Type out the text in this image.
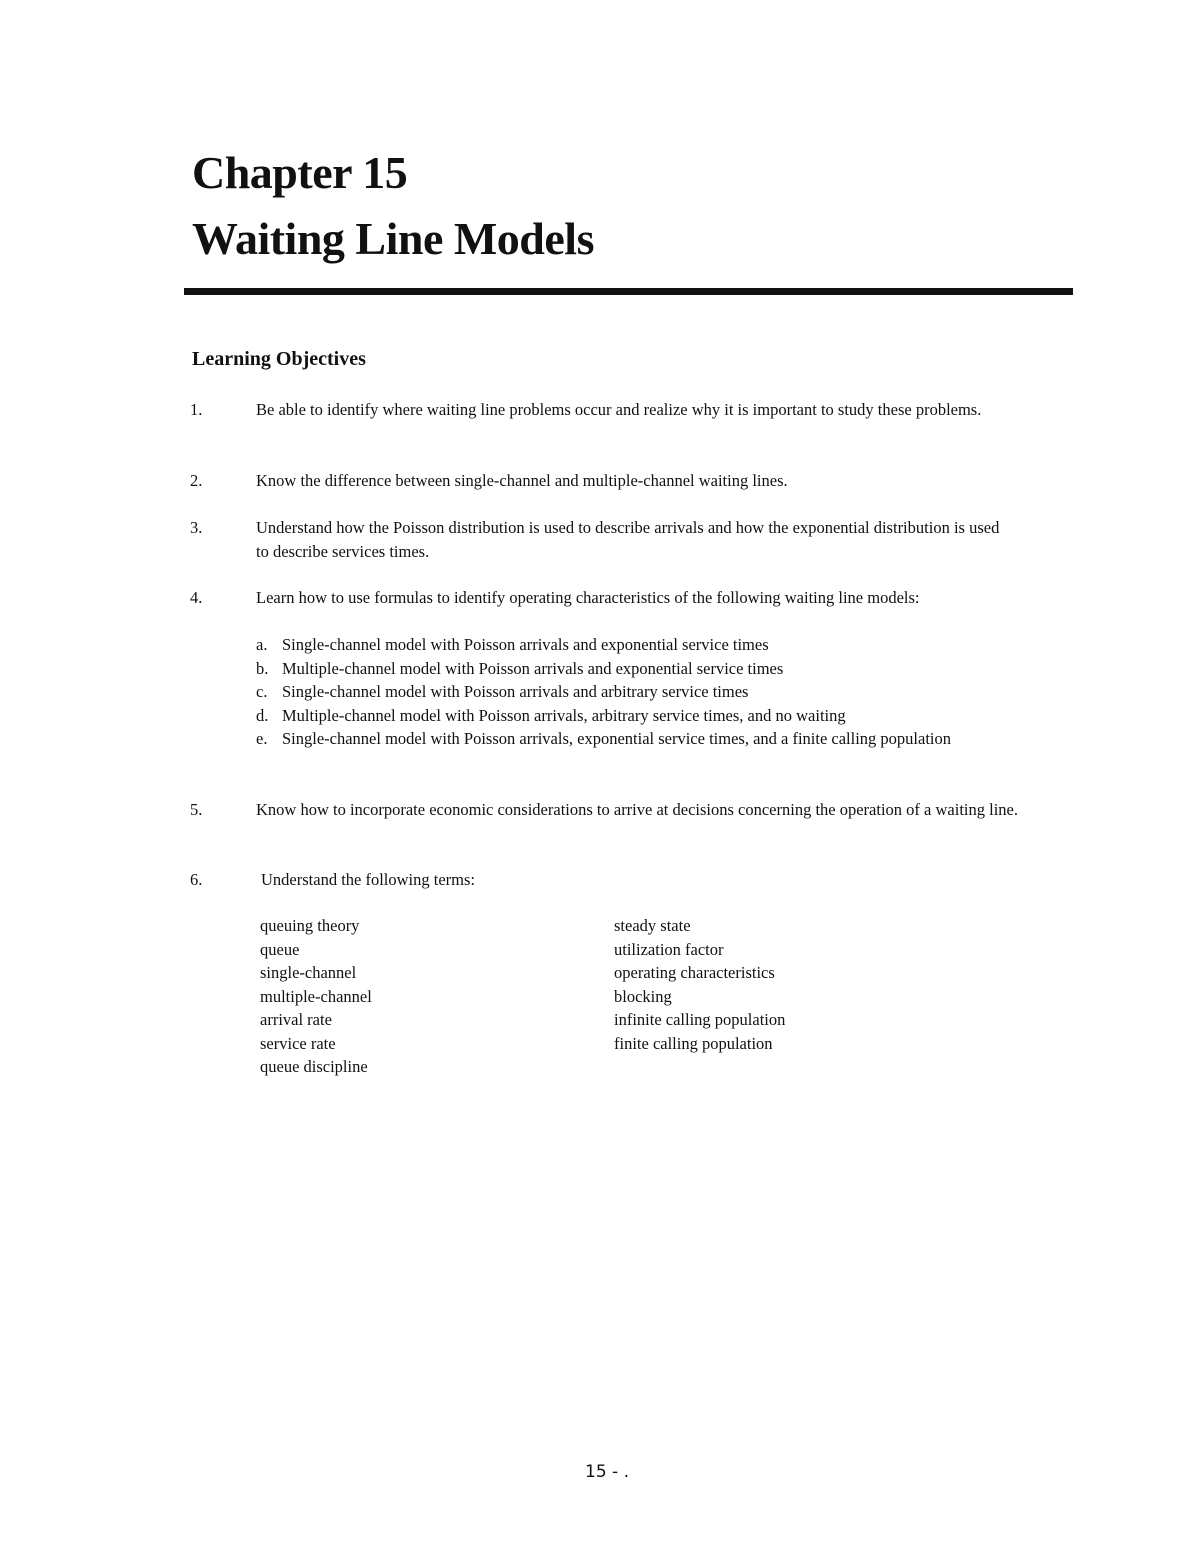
Chapter 15
Waiting Line Models
Learning Objectives
1.	Be able to identify where waiting line problems occur and realize why it is important to study these problems.
2.	Know the difference between single-channel and multiple-channel waiting lines.
3.	Understand how the Poisson distribution is used to describe arrivals and how the exponential distribution is used to describe services times.
4.	Learn how to use formulas to identify operating characteristics of the following waiting line models:
a. Single-channel model with Poisson arrivals and exponential service times
b. Multiple-channel model with Poisson arrivals and exponential service times
c. Single-channel model with Poisson arrivals and arbitrary service times
d. Multiple-channel model with Poisson arrivals, arbitrary service times, and no waiting
e. Single-channel model with Poisson arrivals, exponential service times, and a finite calling population
5.	Know how to incorporate economic considerations to arrive at decisions concerning the operation of a waiting line.
6.	Understand the following terms:
queuing theory
queue
single-channel
multiple-channel
arrival rate
service rate
queue discipline
steady state
utilization factor
operating characteristics
blocking
infinite calling population
finite calling population
15 - .
